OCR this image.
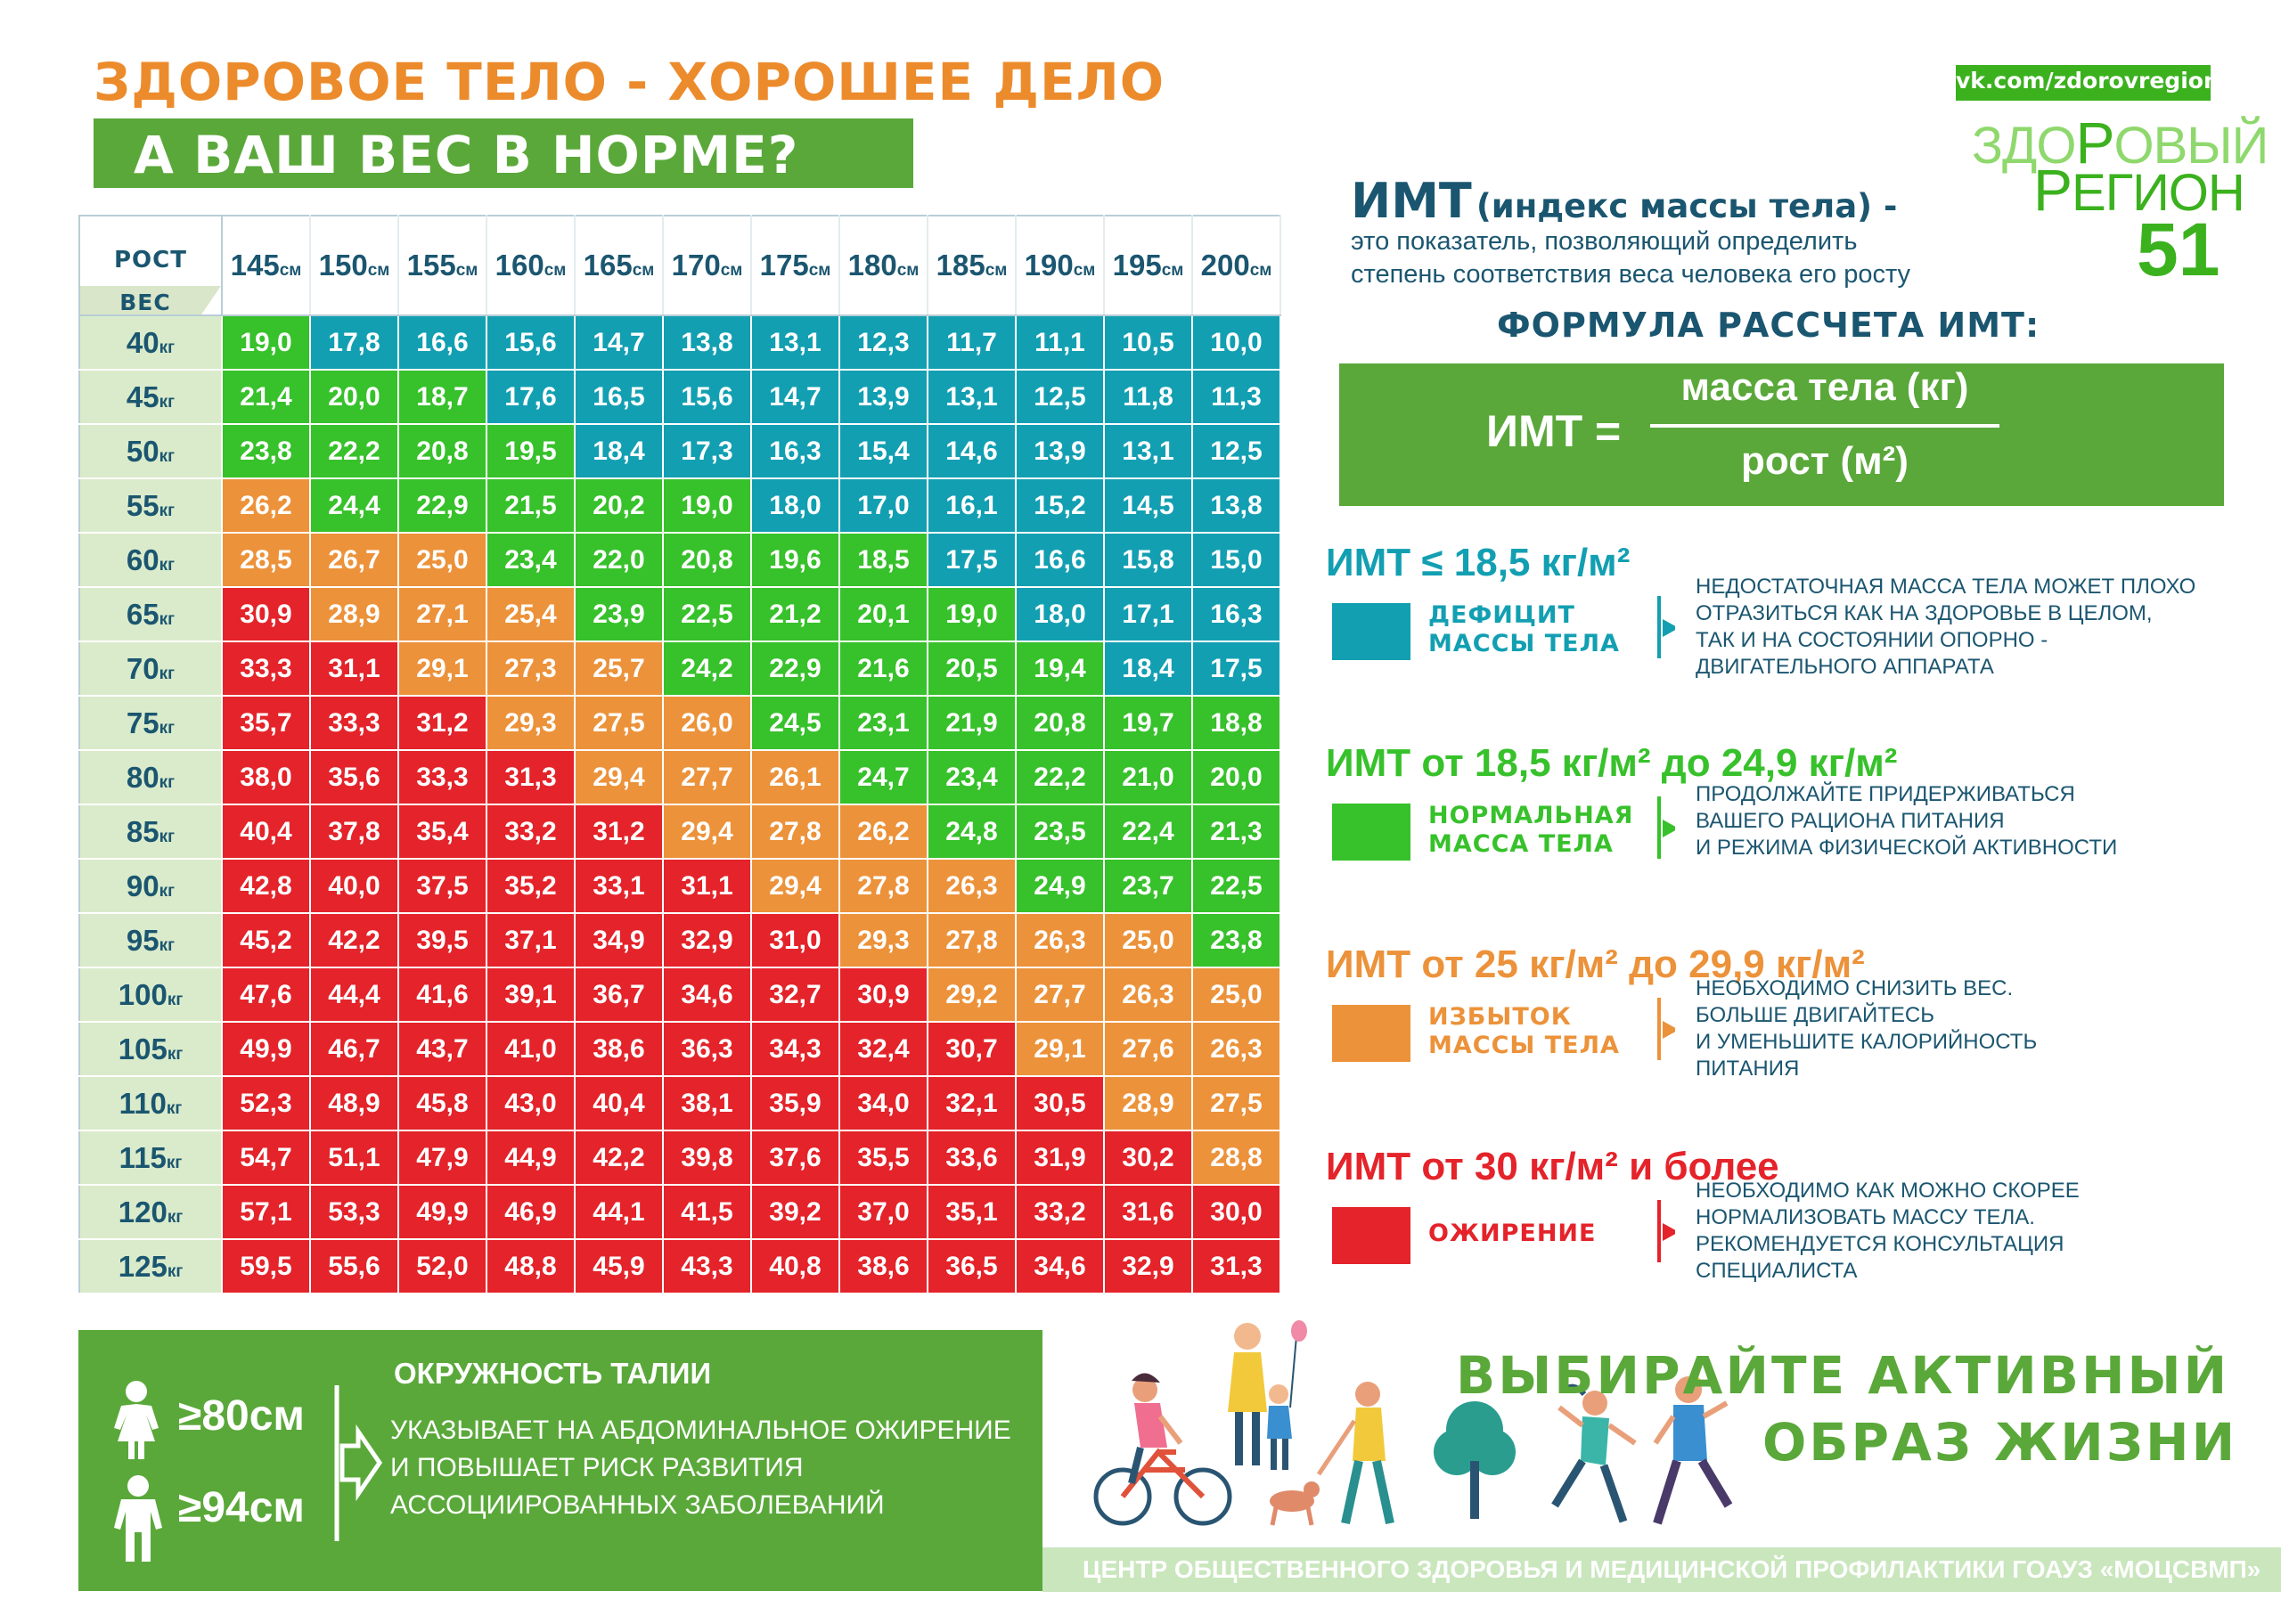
ЗДОРОВОЕ ТЕЛО - ХОРОШЕЕ ДЕЛО
А ВАШ ВЕС В НОРМЕ?
РОСТ
ВЕС	145см	150см	155см	160см	165см	170см	175см	180см	185см	190см	195см	200см
40кг	19,0	17,8	16,6	15,6	14,7	13,8	13,1	12,3	11,7	11,1	10,5	10,0
45кг	21,4	20,0	18,7	17,6	16,5	15,6	14,7	13,9	13,1	12,5	11,8	11,3
50кг	23,8	22,2	20,8	19,5	18,4	17,3	16,3	15,4	14,6	13,9	13,1	12,5
55кг	26,2	24,4	22,9	21,5	20,2	19,0	18,0	17,0	16,1	15,2	14,5	13,8
60кг	28,5	26,7	25,0	23,4	22,0	20,8	19,6	18,5	17,5	16,6	15,8	15,0
65кг	30,9	28,9	27,1	25,4	23,9	22,5	21,2	20,1	19,0	18,0	17,1	16,3
70кг	33,3	31,1	29,1	27,3	25,7	24,2	22,9	21,6	20,5	19,4	18,4	17,5
75кг	35,7	33,3	31,2	29,3	27,5	26,0	24,5	23,1	21,9	20,8	19,7	18,8
80кг	38,0	35,6	33,3	31,3	29,4	27,7	26,1	24,7	23,4	22,2	21,0	20,0
85кг	40,4	37,8	35,4	33,2	31,2	29,4	27,8	26,2	24,8	23,5	22,4	21,3
90кг	42,8	40,0	37,5	35,2	33,1	31,1	29,4	27,8	26,3	24,9	23,7	22,5
95кг	45,2	42,2	39,5	37,1	34,9	32,9	31,0	29,3	27,8	26,3	25,0	23,8
100кг	47,6	44,4	41,6	39,1	36,7	34,6	32,7	30,9	29,2	27,7	26,3	25,0
105кг	49,9	46,7	43,7	41,0	38,6	36,3	34,3	32,4	30,7	29,1	27,6	26,3
110кг	52,3	48,9	45,8	43,0	40,4	38,1	35,9	34,0	32,1	30,5	28,9	27,5
115кг	54,7	51,1	47,9	44,9	42,2	39,8	37,6	35,5	33,6	31,9	30,2	28,8
120кг	57,1	53,3	49,9	46,9	44,1	41,5	39,2	37,0	35,1	33,2	31,6	30,0
125кг	59,5	55,6	52,0	48,8	45,9	43,3	40,8	38,6	36,5	34,6	32,9	31,3
vk.com/zdorovregion51
ЗДОРОВЫЙ
РЕГИОН
51
ИМТ (индекс массы тела) -
это показатель, позволяющий определить
степень соответствия веса человека его росту
ФОРМУЛА РАССЧЕТА ИМТ:
ИМТ =
масса тела (кг)
рост (м²)
ИМТ ≤ 18,5 кг/м²
ДЕФИЦИТ
МАССЫ ТЕЛА
НЕДОСТАТОЧНАЯ МАССА ТЕЛА МОЖЕТ ПЛОХО
ОТРАЗИТЬСЯ КАК НА ЗДОРОВЬЕ В ЦЕЛОМ,
ТАК И НА СОСТОЯНИИ ОПОРНО -
ДВИГАТЕЛЬНОГО АППАРАТА
ИМТ от 18,5 кг/м² до 24,9 кг/м²
НОРМАЛЬНАЯ
МАССА ТЕЛА
ПРОДОЛЖАЙТЕ ПРИДЕРЖИВАТЬСЯ
ВАШЕГО РАЦИОНА ПИТАНИЯ
И РЕЖИМА ФИЗИЧЕСКОЙ АКТИВНОСТИ
ИМТ от 25 кг/м² до 29,9 кг/м²
ИЗБЫТОК
МАССЫ ТЕЛА
НЕОБХОДИМО СНИЗИТЬ ВЕС.
БОЛЬШЕ ДВИГАЙТЕСЬ
И УМЕНЬШИТЕ КАЛОРИЙНОСТЬ
ПИТАНИЯ
ИМТ от 30 кг/м² и более
ОЖИРЕНИЕ
НЕОБХОДИМО КАК МОЖНО СКОРЕЕ
НОРМАЛИЗОВАТЬ МАССУ ТЕЛА.
РЕКОМЕНДУЕТСЯ КОНСУЛЬТАЦИЯ
СПЕЦИАЛИСТА
≥80см
≥94см
ОКРУЖНОСТЬ ТАЛИИ
УКАЗЫВАЕТ НА АБДОМИНАЛЬНОЕ ОЖИРЕНИЕ
И ПОВЫШАЕТ РИСК РАЗВИТИЯ
АССОЦИИРОВАННЫХ ЗАБОЛЕВАНИЙ
ВЫБИРАЙТЕ АКТИВНЫЙ
ОБРАЗ ЖИЗНИ
ЦЕНТР ОБЩЕСТВЕННОГО ЗДОРОВЬЯ И МЕДИЦИНСКОЙ ПРОФИЛАКТИКИ ГОАУЗ «МОЦСВМП»
